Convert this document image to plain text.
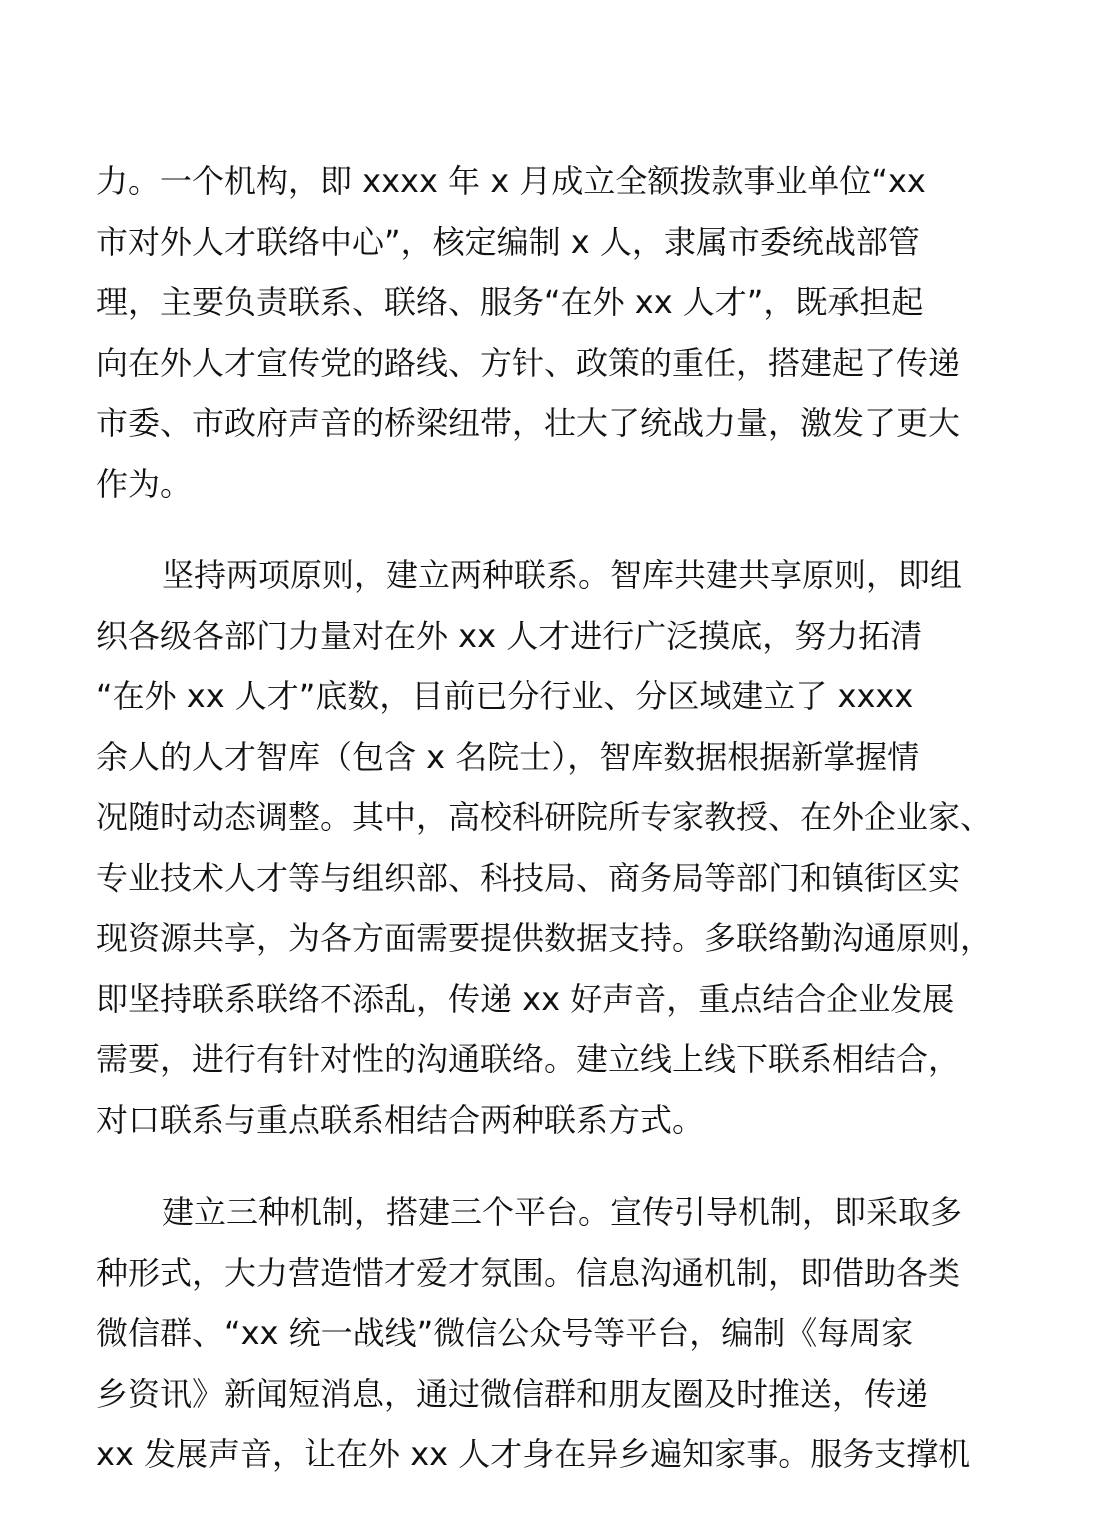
力。一个机构，即 xxxx 年 x 月成立全额拨款事业单位“xx
市对外人才联络中心”，核定编制 x 人，隶属市委统战部管
理，主要负责联系、联络、服务“在外 xx 人才”，既承担起
向在外人才宣传党的路线、方针、政策的重任，搭建起了传递
市委、市政府声音的桥梁纽带，壮大了统战力量，激发了更大
作为。
坚持两项原则，建立两种联系。智库共建共享原则，即组
织各级各部门力量对在外 xx 人才进行广泛摸底，努力拓清
“在外 xx 人才”底数，目前已分行业、分区域建立了 xxxx
余人的人才智库（包含 x 名院士），智库数据根据新掌握情
况随时动态调整。其中，高校科研院所专家教授、在外企业家、
专业技术人才等与组织部、科技局、商务局等部门和镇街区实
现资源共享，为各方面需要提供数据支持。多联络勤沟通原则，
即坚持联系联络不添乱，传递 xx 好声音，重点结合企业发展
需要，进行有针对性的沟通联络。建立线上线下联系相结合，
对口联系与重点联系相结合两种联系方式。
建立三种机制，搭建三个平台。宣传引导机制，即采取多
种形式，大力营造惜才爱才氛围。信息沟通机制，即借助各类
微信群、“xx 统一战线”微信公众号等平台，编制《每周家
乡资讯》新闻短消息，通过微信群和朋友圈及时推送，传递
xx 发展声音，让在外 xx 人才身在异乡遍知家事。服务支撑机
